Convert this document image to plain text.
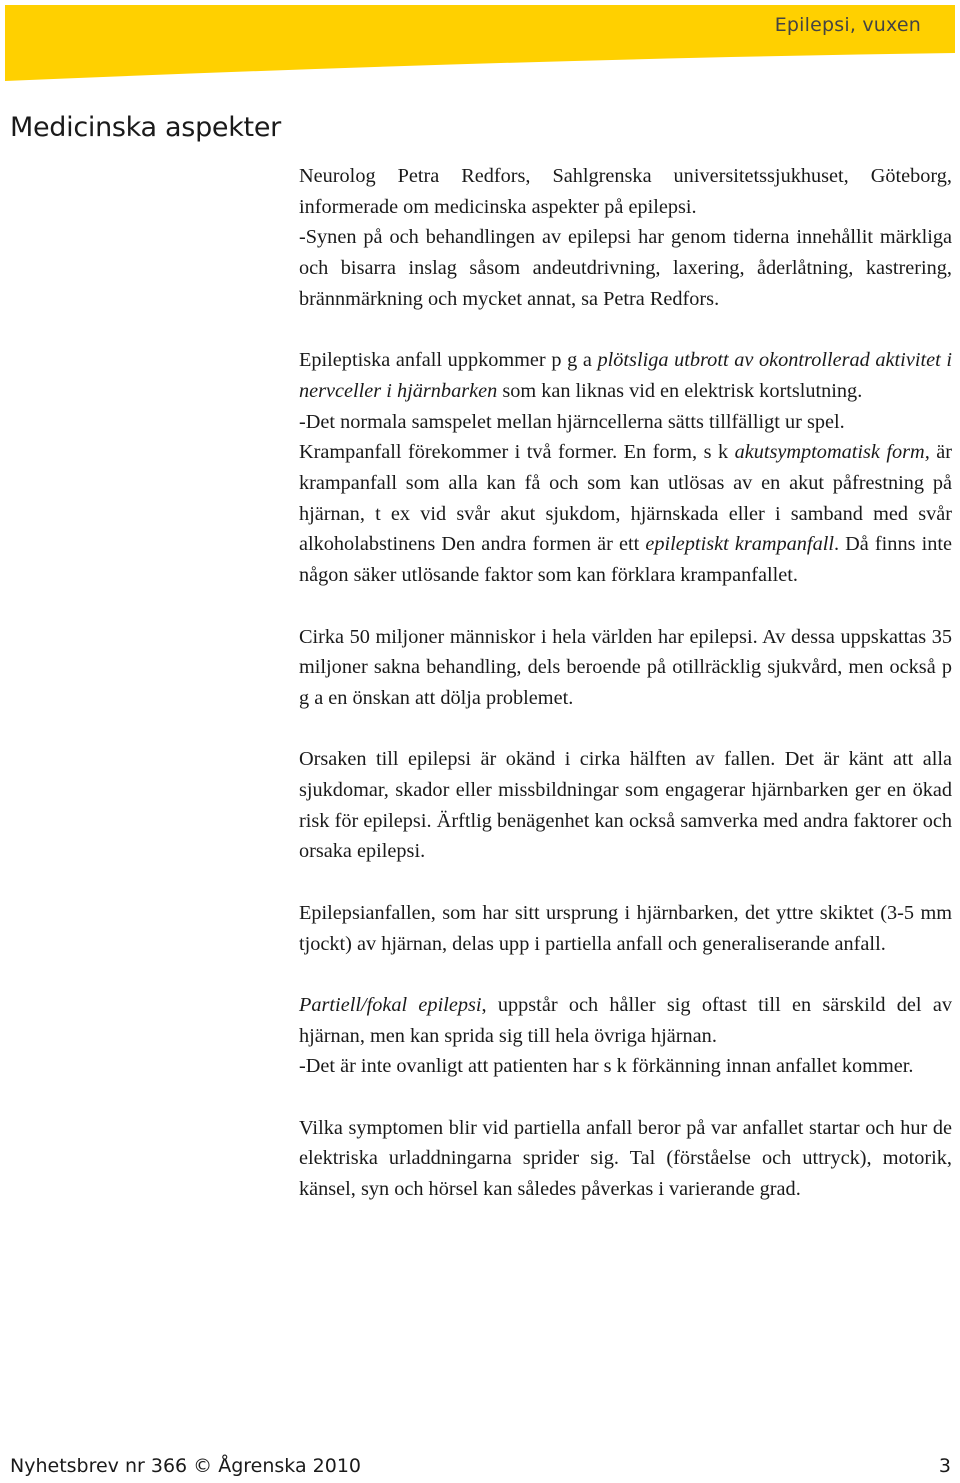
Epilepsi, vuxen
Medicinska aspekter

Neurolog Petra Redfors, Sahlgrenska universitetssjukhuset, Göteborg, informerade om medicinska aspekter på epilepsi.
-Synen på och behandlingen av epilepsi har genom tiderna innehållit märkliga och bisarra inslag såsom andeutdrivning, laxering, åderlåtning, kastrering, brännmärkning och mycket annat, sa Petra Redfors.

Epileptiska anfall uppkommer p g a plötsliga utbrott av okontrollerad aktivitet i nervceller i hjärnbarken som kan liknas vid en elektrisk kortslutning.
-Det normala samspelet mellan hjärncellerna sätts tillfälligt ur spel.
Krampanfall förekommer i två former. En form, s k akutsymptomatisk form, är krampanfall som alla kan få och som kan utlösas av en akut påfrestning på hjärnan, t ex vid svår akut sjukdom, hjärnskada eller i samband med svår alkoholabstinens Den andra formen är ett epileptiskt krampanfall. Då finns inte någon säker utlösande faktor som kan förklara krampanfallet.

Cirka 50 miljoner människor i hela världen har epilepsi. Av dessa uppskattas 35 miljoner sakna behandling, dels beroende på otillräcklig sjukvård, men också p g a en önskan att dölja problemet.

Orsaken till epilepsi är okänd i cirka hälften av fallen. Det är känt att alla sjukdomar, skador eller missbildningar som engagerar hjärnbarken ger en ökad risk för epilepsi. Ärftlig benägenhet kan också samverka med andra faktorer och orsaka epilepsi.

Epilepsianfallen, som har sitt ursprung i hjärnbarken, det yttre skiktet (3-5 mm tjockt) av hjärnan, delas upp i partiella anfall och generaliserande anfall.

Partiell/fokal epilepsi, uppstår och håller sig oftast till en särskild del av hjärnan, men kan sprida sig till hela övriga hjärnan.
-Det är inte ovanligt att patienten har s k förkänning innan anfallet kommer.

Vilka symptomen blir vid partiella anfall beror på var anfallet startar och hur de elektriska urladdningarna sprider sig. Tal (förståelse och uttryck), motorik, känsel, syn och hörsel kan således påverkas i varierande grad.

Nyhetsbrev nr 366 © Ågrenska 2010	3
